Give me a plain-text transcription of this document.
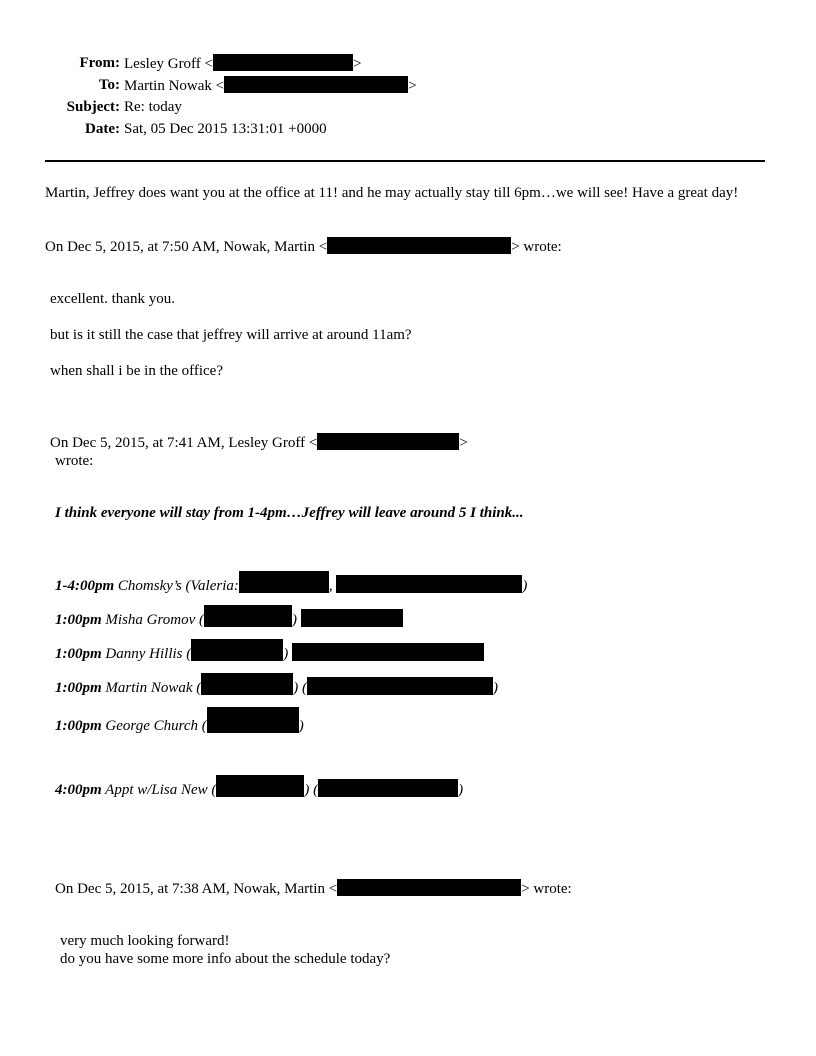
From: Lesley Groff <	>
To: Martin Nowak <	>
Subject: Re: today
Date: Sat, 05 Dec 2015 13:31:01 +0000
Martin, Jeffrey does want you at the office at 11! and he may actually stay till 6pm…we will see! Have a great day!
On Dec 5, 2015, at 7:50 AM, Nowak, Martin <	> wrote:
excellent. thank you.
but is it still the case that jeffrey will arrive at around 11am?
when shall i be in the office?
On Dec 5, 2015, at 7:41 AM, Lesley Groff <	>
wrote:
I think everyone will stay from 1-4pm…Jeffrey will leave around 5 I think...
1-4:00pm Chomsky’s (Valeria:	,	)
1:00pm Misha Gromov (	)
1:00pm Danny Hillis (	)
1:00pm Martin Nowak (	) (	)
1:00pm George Church (	)
4:00pm Appt w/Lisa New (	) (	)
On Dec 5, 2015, at 7:38 AM, Nowak, Martin <	> wrote:
very much looking forward!
do you have some more info about the schedule today?
